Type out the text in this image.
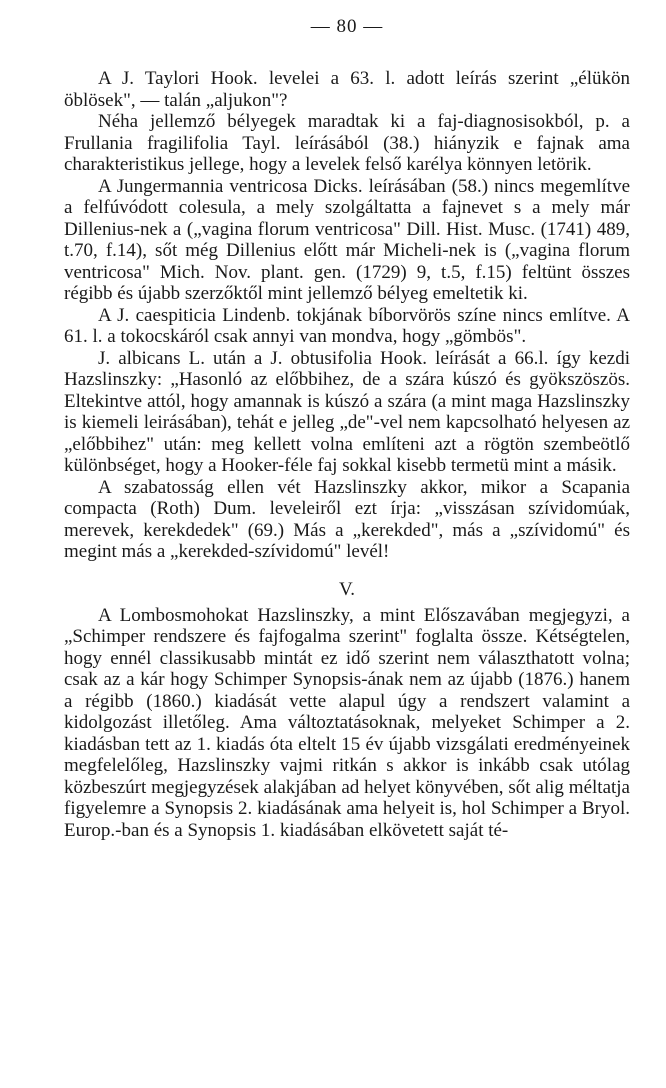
— 80 —

A J. Taylori Hook. levelei a 63. l. adott leírás szerint „élükön öblösek", — talán „aljukon"?

Néha jellemző bélyegek maradtak ki a faj-diagnosisokból, p. a Frullania fragilifolia Tayl. leírásából (38.) hiányzik e fajnak ama charakteristikus jellege, hogy a levelek felső karélya könnyen letörik.

A Jungermannia ventricosa Dicks. leírásában (58.) nincs megemlítve a felfúvódott colesula, a mely szolgáltatta a fajnevet s a mely már Dillenius-nek a („vagina florum ventricosa" Dill. Hist. Musc. (1741) 489, t.70, f.14), sőt még Dillenius előtt már Micheli-nek is („vagina florum ventricosa" Mich. Nov. plant. gen. (1729) 9, t.5, f.15) feltünt összes régibb és újabb szerzőktől mint jellemző bélyeg emeltetik ki.

A J. caespiticia Lindenb. tokjának bíborvörös színe nincs említve. A 61. l. a tokocskáról csak annyi van mondva, hogy „gömbös".

J. albicans L. után a J. obtusifolia Hook. leírását a 66.l. így kezdi Hazslinszky: „Hasonló az előbbihez, de a szára kúszó és gyökszöszös. Eltekintve attól, hogy amannak is kúszó a szára (a mint maga Hazslinszky is kiemeli leirásában), tehát e jelleg „de"-vel nem kapcsolható helyesen az „előbbihez" után: meg kellett volna említeni azt a rögtön szembeötlő különbséget, hogy a Hooker-féle faj sokkal kisebb termetü mint a másik.

A szabatosság ellen vét Hazslinszky akkor, mikor a Scapania compacta (Roth) Dum. leveleiről ezt írja: „visszásan szívidomúak, merevek, kerekdedek" (69.) Más a „kerekded", más a „szívidomú" és megint más a „kerekded-szívidomú" levél!

V.

A Lombosmohokat Hazslinszky, a mint Előszavában megjegyzi, a „Schimper rendszere és fajfogalma szerint" foglalta össze. Kétségtelen, hogy ennél classikusabb mintát ez idő szerint nem választhatott volna; csak az a kár hogy Schimper Synopsis-ának nem az újabb (1876.) hanem a régibb (1860.) kiadását vette alapul úgy a rendszert valamint a kidolgozást illetőleg. Ama változtatásoknak, melyeket Schimper a 2. kiadásban tett az 1. kiadás óta eltelt 15 év újabb vizsgálati eredményeinek megfelelőleg, Hazslinszky vajmi ritkán s akkor is inkább csak utólag közbeszúrt megjegyzések alakjában ad helyet könyvében, sőt alig méltatja figyelemre a Synopsis 2. kiadásának ama helyeit is, hol Schimper a Bryol. Europ.-ban és a Synopsis 1. kiadásában elkövetett saját té-
